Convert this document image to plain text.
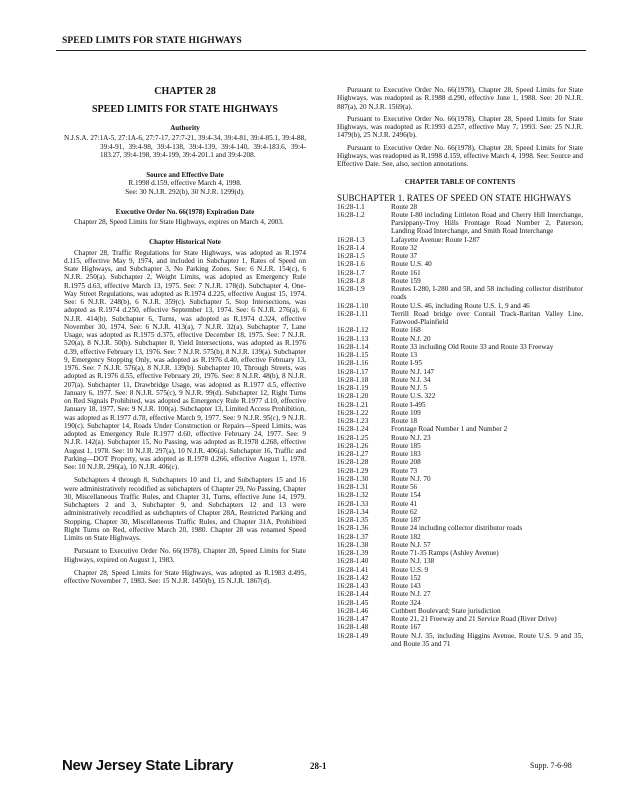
SPEED LIMITS FOR STATE HIGHWAYS
CHAPTER 28
SPEED LIMITS FOR STATE HIGHWAYS
Authority
N.J.S.A. 27:1A-5, 27:1A-6, 27:7-17, 27:7-21, 39:4-34, 39:4-81, 39:4-85.1, 39:4-88, 39:4-91, 39:4-98, 39:4-138, 39:4-139, 39:4-140, 39:4-183.6, 39:4-183.27, 39:4-198, 39:4-199, 39:4-201.1 and 39:4-208.
Source and Effective Date
R.1998 d.159, effective March 4, 1998.
See: 30 N.J.R. 292(b), 30 N.J.R. 1299(d).
Executive Order No. 66(1978) Expiration Date
Chapter 28, Speed Limits for State Highways, expires on March 4, 2003.
Chapter Historical Note
Chapter 28, Traffic Regulations for State Highways, was adopted as R.1974 d.115, effective May 9, 1974, and included in Subchapter 1, Rates of Speed on State Highways, and Subchapter 3, No Parking Zones. See: 6 N.J.R. 154(c), 6 N.J.R. 250(a). Subchapter 2, Weight Limits, was adopted as Emergency Rule R.1975 d.63, effective March 13, 1975. See: 7 N.J.R. 178(d). Subchapter 4, One-Way Street Regulations, was adopted as R.1974 d.225, effective August 15, 1974. See: 6 N.J.R. 248(b), 6 N.J.R. 359(c). Subchapter 5, Stop Intersections, was adopted as R.1974 d.250, effective September 13, 1974. See: 6 N.J.R. 276(a), 6 N.J.R. 414(b). Subchapter 6, Turns, was adopted as R.1974 d.324, effective November 30, 1974. See: 6 N.J.R. 413(a), 7 N.J.R. 32(a). Subchapter 7, Lane Usage, was adopted as R.1975 d.375, effective December 18, 1975. See: 7 N.J.R. 520(a), 8 N.J.R. 50(b). Subchapter 8, Yield Intersections, was adopted as R.1976 d.39, effective February 13, 1976. See: 7 N.J.R. 575(b), 8 N.J.R. 139(a). Subchapter 9, Emergency Stopping Only, was adopted as R.1976 d.40, effective February 13, 1976. See: 7 N.J.R. 576(a), 8 N.J.R. 139(b). Subchapter 10, Through Streets, was adopted as R.1976 d.55, effective February 20, 1976. See: 8 N.J.R. 48(b), 8 N.J.R. 207(a). Subchapter 11, Drawbridge Usage, was adopted as R.1977 d.5, effective January 6, 1977. See: 8 N.J.R. 575(c), 9 N.J.R. 99(d). Subchapter 12, Right Turns on Red Signals Prohibited, was adopted as Emergency Rule R.1977 d.10, effective January 18, 1977. See: 9 N.J.R. 100(a). Subchapter 13, Limited Access Prohibition, was adopted as R.1977 d.78, effective March 9, 1977. See: 9 N.J.R. 95(c), 9 N.J.R. 190(c). Subchapter 14, Roads Under Construction or Repairs—Speed Limits, was adopted as Emergency Rule R.1977 d.60, effective February 24, 1977. See: 9 N.J.R. 142(a). Subchapter 15, No Passing, was adopted as R.1978 d.268, effective August 1, 1978. See: 10 N.J.R. 297(a), 10 N.J.R. 406(a). Subchapter 16, Traffic and Parking—DOT Property, was adopted as R.1978 d.266, effective August 1, 1978. See: 10 N.J.R. 296(a), 10 N.J.R. 406(c).
Subchapters 4 through 8, Subchapters 10 and 11, and Subchapters 15 and 16 were administratively recodified as subchapters of Chapter 29, No Passing, Chapter 30, Miscellaneous Traffic Rules, and Chapter 31, Turns, effective June 14, 1979. Subchapters 2 and 3, Subchapter 9, and Subchapters 12 and 13 were administratively recodified as subchapters of Chapter 28A, Restricted Parking and Stopping, Chapter 30, Miscellaneous Traffic Rules, and Chapter 31A, Prohibited Right Turns on Red, effective March 20, 1980. Chapter 28 was renamed Speed Limits on State Highways.
Pursuant to Executive Order No. 66(1978), Chapter 28, Speed Limits for State Highways, expired on August 1, 1983.
Chapter 28, Speed Limits for State Highways, was adopted as R.1983 d.495, effective November 7, 1983. See: 15 N.J.R. 1450(b), 15 N.J.R. 1867(d).
Pursuant to Executive Order No. 66(1978), Chapter 28, Speed Limits for State Highways, was readopted as R.1988 d.290, effective June 1, 1988. See: 20 N.J.R. 887(a), 20 N.J.R. 1569(a).
Pursuant to Executive Order No. 66(1978), Chapter 28, Speed Limits for State Highways, was readopted as R.1993 d.257, effective May 7, 1993. See: 25 N.J.R. 1479(b), 25 N.J.R. 2496(b).
Pursuant to Executive Order No. 66(1978), Chapter 28, Speed Limits for State Highways, was readopted as R.1998 d.159, effective March 4, 1998. See: Source and Effective Date. See, also, section annotations.
CHAPTER TABLE OF CONTENTS
SUBCHAPTER 1. RATES OF SPEED ON STATE HIGHWAYS
16:28-1.1	Route 28
16:28-1.2	Route I-80 including Littleton Road and Cherry Hill Interchange, Parsippany-Troy Hills Frontage Road Number 2, Paterson, Landing Road Interchange, and Smith Road Interchange
16:28-1.3	Lafayette Avenue: Route I-287
16:28-1.4	Route 32
16:28-1.5	Route 37
16:28-1.6	Route U.S. 40
16:28-1.7	Route 161
16:28-1.8	Route 159
16:28-1.9	Routes I-280, I-280 and 58, and 58 including collector distributor roads
16:28-1.10	Route U.S. 46, including Route U.S. 1, 9 and 46
16:28-1.11	Terrill Road bridge over Conrail Track-Raritan Valley Line, Fanwood-Plainfield
16:28-1.12	Route 168
16:28-1.13	Route N.J. 20
16:28-1.14	Route 33 including Old Route 33 and Route 33 Freeway
16:28-1.15	Route 13
16:28-1.16	Route I-95
16:28-1.17	Route N.J. 147
16:28-1.18	Route N.J. 34
16:28-1.19	Route N.J. 5
16:28-1.20	Route U.S. 322
16:28-1.21	Route I-495
16:28-1.22	Route 109
16:28-1.23	Route 18
16:28-1.24	Frontage Road Number 1 and Number 2
16:28-1.25	Route N.J. 23
16:28-1.26	Route 185
16:28-1.27	Route 183
16:28-1.28	Route 208
16:28-1.29	Route 73
16:28-1.30	Route N.J. 70
16:28-1.31	Route 56
16:28-1.32	Route 154
16:28-1.33	Route 41
16:28-1.34	Route 62
16:28-1.35	Route 187
16:28-1.36	Route 24 including collector distributor roads
16:28-1.37	Route 182
16:28-1.38	Route N.J. 57
16:28-1.39	Route 71-35 Ramps (Ashley Avenue)
16:28-1.40	Route N.J. 138
16:28-1.41	Route U.S. 9
16:28-1.42	Route 152
16:28-1.43	Route 143
16:28-1.44	Route N.J. 27
16:28-1.45	Route 324
16:28-1.46	Cuthbert Boulevard; State jurisdiction
16:28-1.47	Route 21, 21 Freeway and 21 Service Road (River Drive)
16:28-1.48	Route 167
16:28-1.49	Route N.J. 35, including Higgins Avenue, Route U.S. 9 and 35, and Route 35 and 71
New Jersey State Library	28-1	Supp. 7-6-98
